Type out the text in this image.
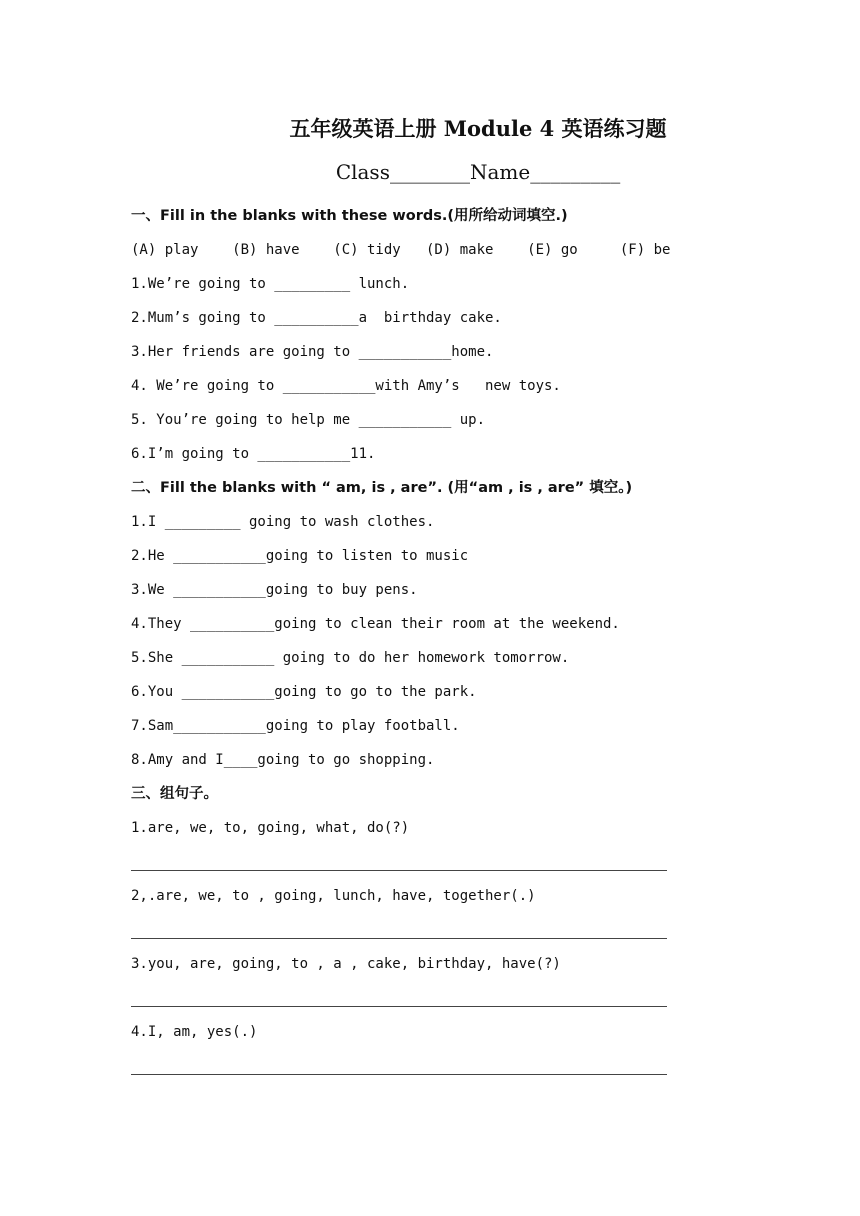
五年级英语上册 Module 4 英语练习题
Class________Name_________
一、Fill in the blanks with these words.(用所给动词填空.)
(A) play    (B) have    (C) tidy   (D) make    (E) go     (F) be
1.We’re going to _________ lunch.
2.Mum’s going to __________a  birthday cake.
3.Her friends are going to ___________home.
4. We’re going to ___________with Amy’s   new toys.
5. You’re going to help me ___________ up.
6.I’m going to ___________11.
二、Fill the blanks with “ am, is , are”. (用“am , is , are” 填空。)
1.I _________ going to wash clothes.
2.He ___________going to listen to music
3.We ___________going to buy pens.
4.They __________going to clean their room at the weekend.
5.She ___________ going to do her homework tomorrow.
6.You ___________going to go to the park.
7.Sam___________going to play football.
8.Amy and I____going to go shopping.
三、组句子。
1.are, we, to, going, what, do(?)
2,.are, we, to , going, lunch, have, together(.)
3.you, are, going, to , a , cake, birthday, have(?)
4.I, am, yes(.)
